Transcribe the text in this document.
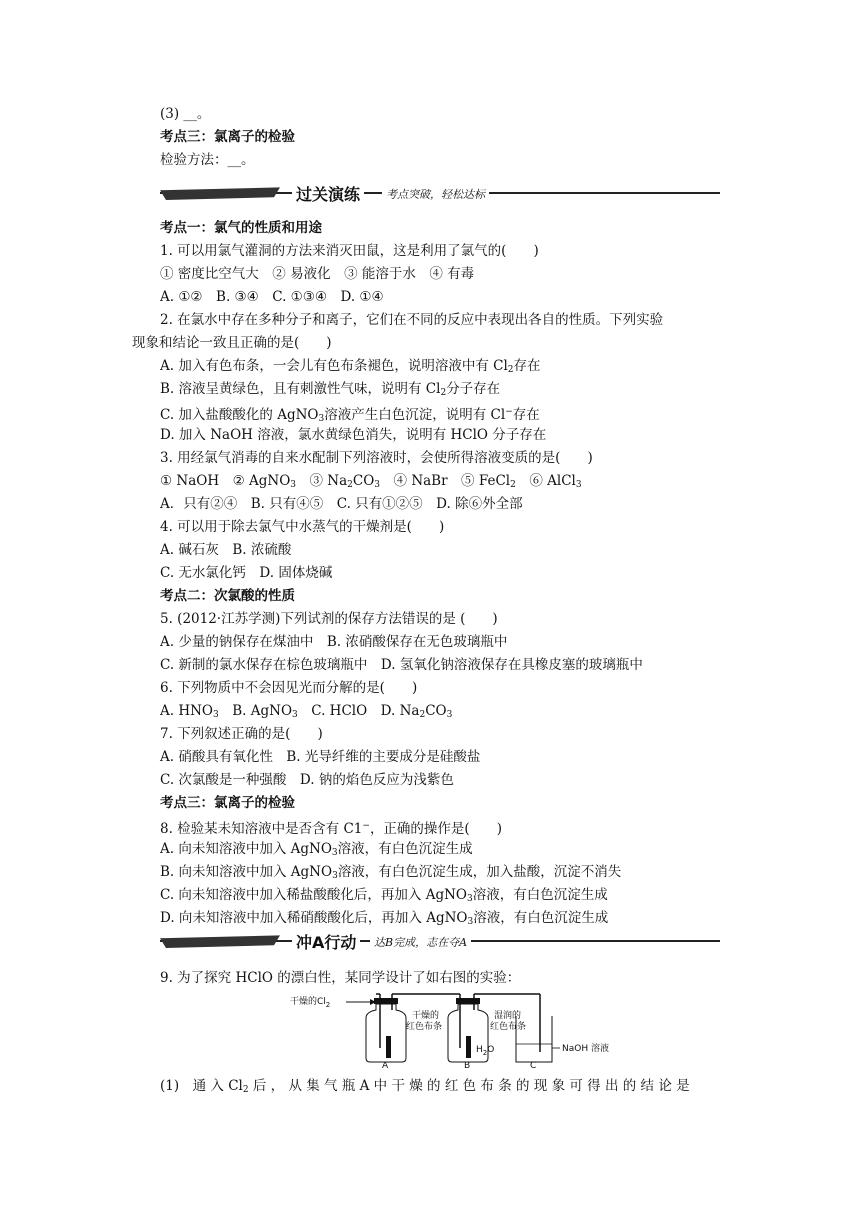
(3) __。
考点三：氯离子的检验
检验方法：__。
过关演练	考点突破，轻松达标
考点一：氯气的性质和用途
1. 可以用氯气灌洞的方法来消灭田鼠，这是利用了氯气的(　　)
① 密度比空气大　② 易液化　③ 能溶于水　④ 有毒
A. ①②　B. ③④　C. ①③④　D. ①④
2. 在氯水中存在多种分子和离子，它们在不同的反应中表现出各自的性质。下列实验
现象和结论一致且正确的是(　　)
A. 加入有色布条，一会儿有色布条褪色，说明溶液中有 $Cl_2$存在
B. 溶液呈黄绿色，且有刺激性气味，说明有 $Cl_2$分子存在
C. 加入盐酸酸化的 AgNO$_3$溶液产生白色沉淀，说明有 Cl−存在
D. 加入 NaOH 溶液，氯水黄绿色消失，说明有 HClO 分子存在
3. 用经氯气消毒的自来水配制下列溶液时，会使所得溶液变质的是(　　)
① NaOH　② AgNO$_3$　③ $Na_2CO_3$　④ NaBr　⑤ FeCl$_2$　⑥ AlCl$_3$
A．只有②④　B. 只有④⑤　C. 只有①②⑤　D. 除⑥外全部
4. 可以用于除去氯气中水蒸气的干燥剂是(　　)
A. 碱石灰　B. 浓硫酸
C. 无水氯化钙　D. 固体烧碱
考点二：次氯酸的性质
5. (2012·江苏学测)下列试剂的保存方法错误的是 (　　)
A. 少量的钠保存在煤油中　B. 浓硝酸保存在无色玻璃瓶中
C. 新制的氯水保存在棕色玻璃瓶中　D. 氢氧化钠溶液保存在具橡皮塞的玻璃瓶中
6. 下列物质中不会因见光而分解的是(　　)
A. $HNO_3$　B. AgNO$_3$　C. HClO　D. $Na_2CO_3$
7. 下列叙述正确的是(　　)
A. 硝酸具有氧化性　B. 光导纤维的主要成分是硅酸盐
C. 次氯酸是一种强酸　D. 钠的焰色反应为浅紫色
考点三：氯离子的检验
8. 检验某未知溶液中是否含有 C1−，正确的操作是(　　)
A. 向未知溶液中加入 AgNO$_3$溶液，有白色沉淀生成
B. 向未知溶液中加入 AgNO$_3$溶液，有白色沉淀生成，加入盐酸，沉淀不消失
C. 向未知溶液中加入稀盐酸酸化后，再加入 AgNO$_3$溶液，有白色沉淀生成
D. 向未知溶液中加入稀硝酸酸化后，再加入 AgNO$_3$溶液，有白色沉淀生成
冲A行动	达B完成，志在夺A
9. 为了探究 HClO 的漂白性，某同学设计了如右图的实验：
干燥的$Cl_2$
干燥的
红色布条
湿润的
红色布条
$H_2O$	NaOH 溶液
A	B	C
(1)　通 入 $Cl_2$ 后 ， 从 集 气 瓶 A 中 干 燥 的 红 色 布 条 的 现 象 可 得 出 的 结 论 是
